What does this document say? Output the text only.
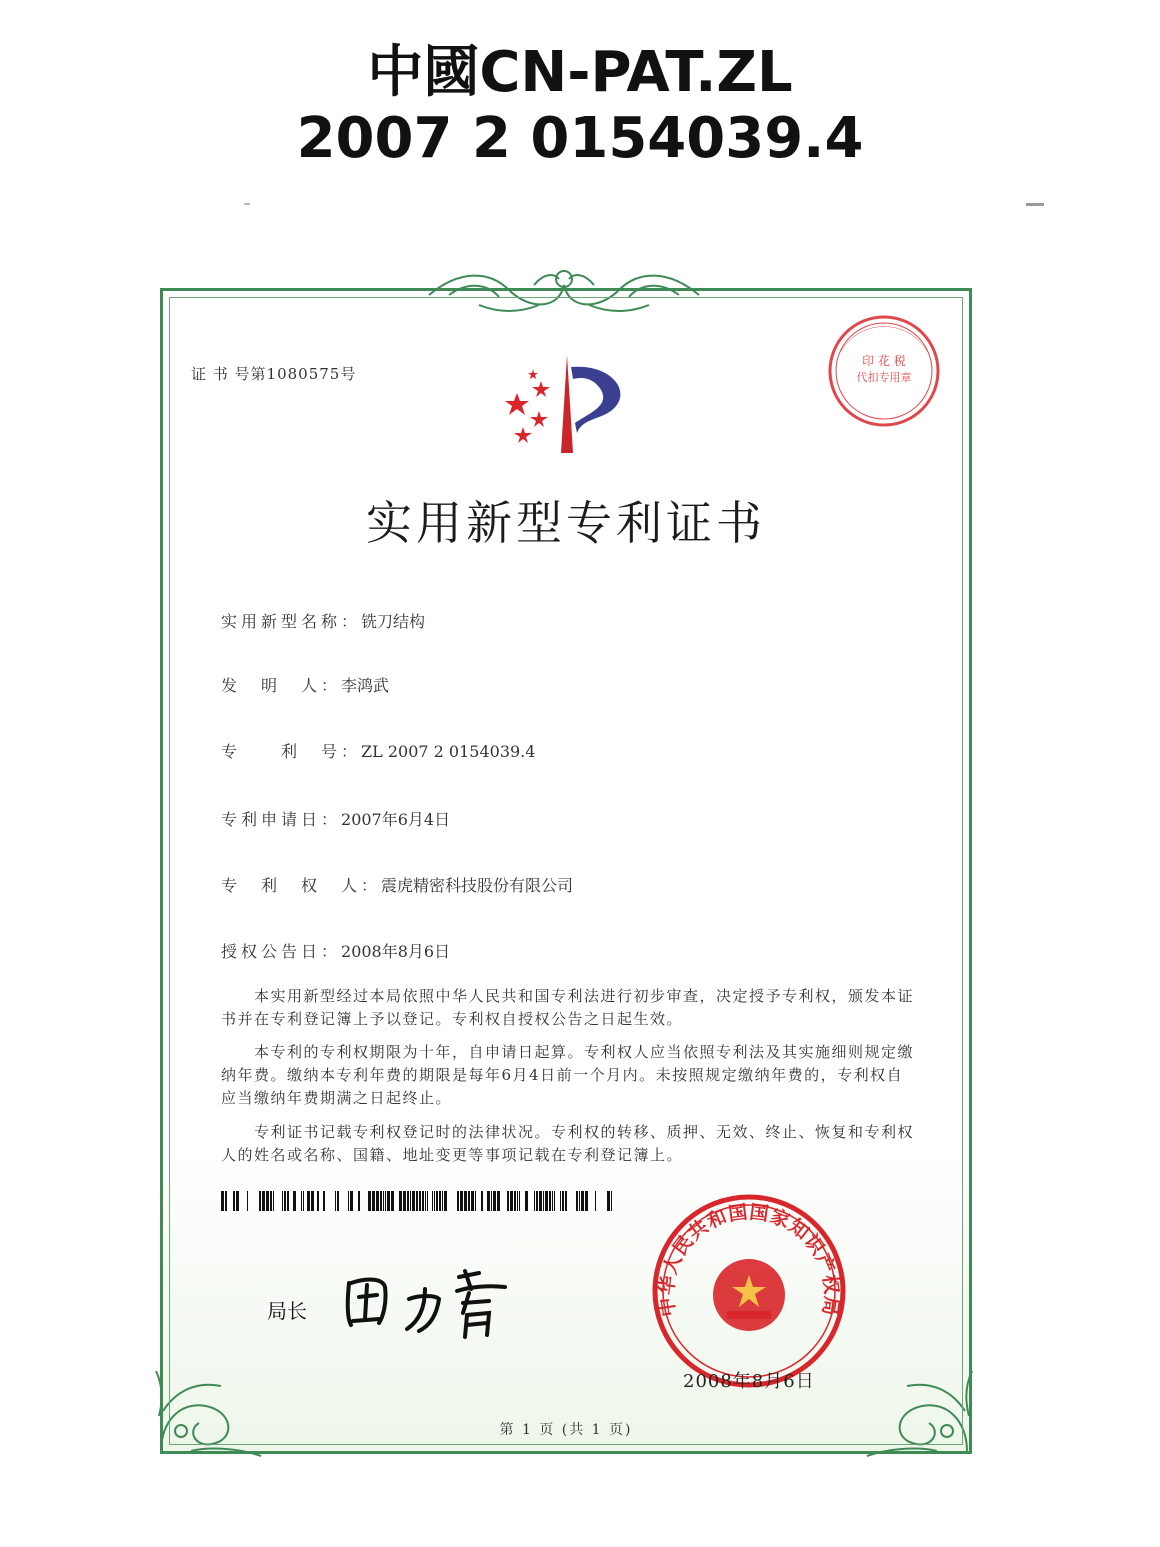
中國CN-PAT.ZL
2007 2 0154039.4
证 书 号第1080575号
印 花 税
代扣专用章
实用新型专利证书
实用新型名称：铣刀结构
发　明　人：李鸿武
专　　利　号：ZL 2007 2 0154039.4
专利申请日：2007年6月4日
专　利　权　人：震虎精密科技股份有限公司
授权公告日：2008年8月6日
　　本实用新型经过本局依照中华人民共和国专利法进行初步审查，决定授予专利权，颁发本证书并在专利登记簿上予以登记。专利权自授权公告之日起生效。
　　本专利的专利权期限为十年，自申请日起算。专利权人应当依照专利法及其实施细则规定缴纳年费。缴纳本专利年费的期限是每年6月4日前一个月内。未按照规定缴纳年费的，专利权自应当缴纳年费期满之日起终止。
　　专利证书记载专利权登记时的法律状况。专利权的转移、质押、无效、终止、恢复和专利权人的姓名或名称、国籍、地址变更等事项记载在专利登记簿上。
局长	中华人民共和国国家知识产权局
2008年8月6日
第 1 页 (共 1 页)
